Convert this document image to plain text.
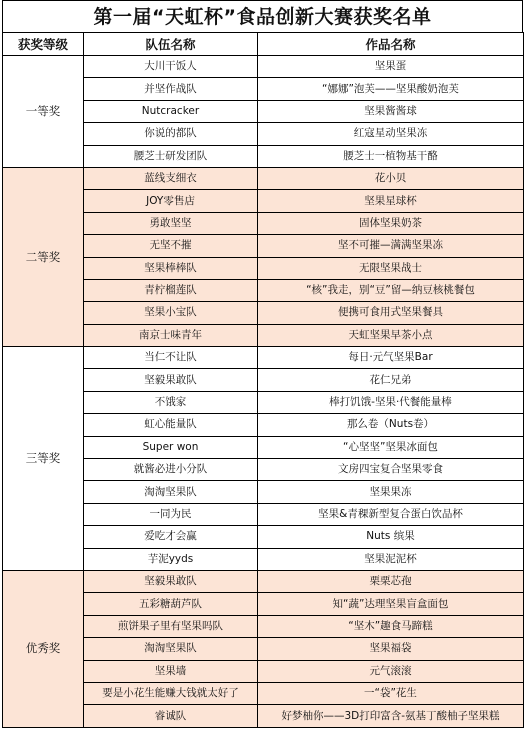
第一届“天虹杯”食品创新大赛获奖名单
获奖等级	队伍名称	作品名称
一等奖	大川干饭人	坚果蛋
	并坚作战队	“娜娜”泡芙——坚果酸奶泡芙
	Nutcracker	坚果酱酱球
	你说的都队	红寇星动坚果冻
	腰芝士研发团队	腰芝士一植物基干酪
二等奖	蓝线支细衣	花小贝
	JOY零售店	坚果星球杯
	勇敢坚坚	固体坚果奶茶
	无坚不摧	坚不可摧—满满坚果冻
	坚果棒棒队	无限坚果战士
	青柠榴莲队	“核”我走，别“豆”留—纳豆核桃餐包
	坚果小宝队	便携可食用式坚果餐具
	南京士味青年	天虹坚果早茶小点
三等奖	当仁不让队	每日·元气坚果Bar
	坚毅果敢队	花仁兄弟
	不饿家	棒打饥饿-坚果·代餐能量棒
	虹心能量队	那么卷（Nuts卷）
	Super won	“心坚坚”坚果冰面包
	就酱必进小分队	文房四宝复合坚果零食
	淘淘坚果队	坚果果冻
	一同为民	坚果&青稞新型复合蛋白饮品杯
	爱吃才会赢	Nuts 缤果
	芋泥yyds	坚果泥泥杯
优秀奖	坚毅果敢队	栗栗芯孢
	五彩糖葫芦队	知“蔬”达理坚果盲盒面包
	煎饼果子里有坚果吗队	“坚木”趣食马蹄糕
	淘淘坚果队	坚果福袋
	坚果墙	元气滚滚
	要是小花生能赚大钱就太好了	一“袋”花生
	睿诚队	好梦柚你——3D打印富含-氨基丁酸柚子坚果糕
